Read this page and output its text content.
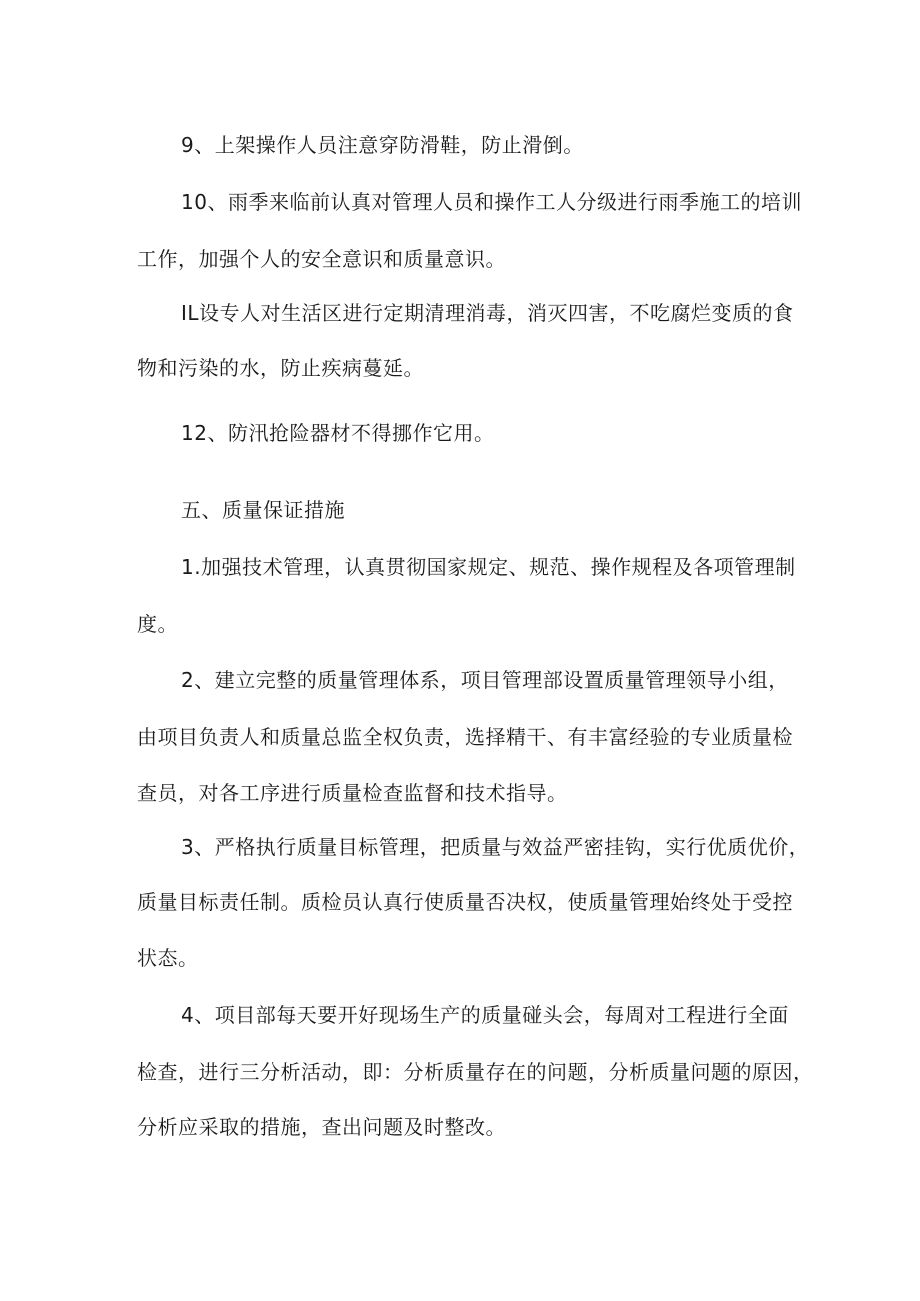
9、上架操作人员注意穿防滑鞋，防止滑倒。
10、雨季来临前认真对管理人员和操作工人分级进行雨季施工的培训
工作，加强个人的安全意识和质量意识。
IL设专人对生活区进行定期清理消毒，消灭四害，不吃腐烂变质的食
物和污染的水，防止疾病蔓延。
12、防汛抢险器材不得挪作它用。
五、质量保证措施
1.加强技术管理，认真贯彻国家规定、规范、操作规程及各项管理制
度。
2、建立完整的质量管理体系，项目管理部设置质量管理领导小组，
由项目负责人和质量总监全权负责，选择精干、有丰富经验的专业质量检
查员，对各工序进行质量检查监督和技术指导。
3、严格执行质量目标管理，把质量与效益严密挂钩，实行优质优价，
质量目标责任制。质检员认真行使质量否决权，使质量管理始终处于受控
状态。
4、项目部每天要开好现场生产的质量碰头会，每周对工程进行全面
检查，进行三分析活动，即：分析质量存在的问题，分析质量问题的原因，
分析应采取的措施，查出问题及时整改。
